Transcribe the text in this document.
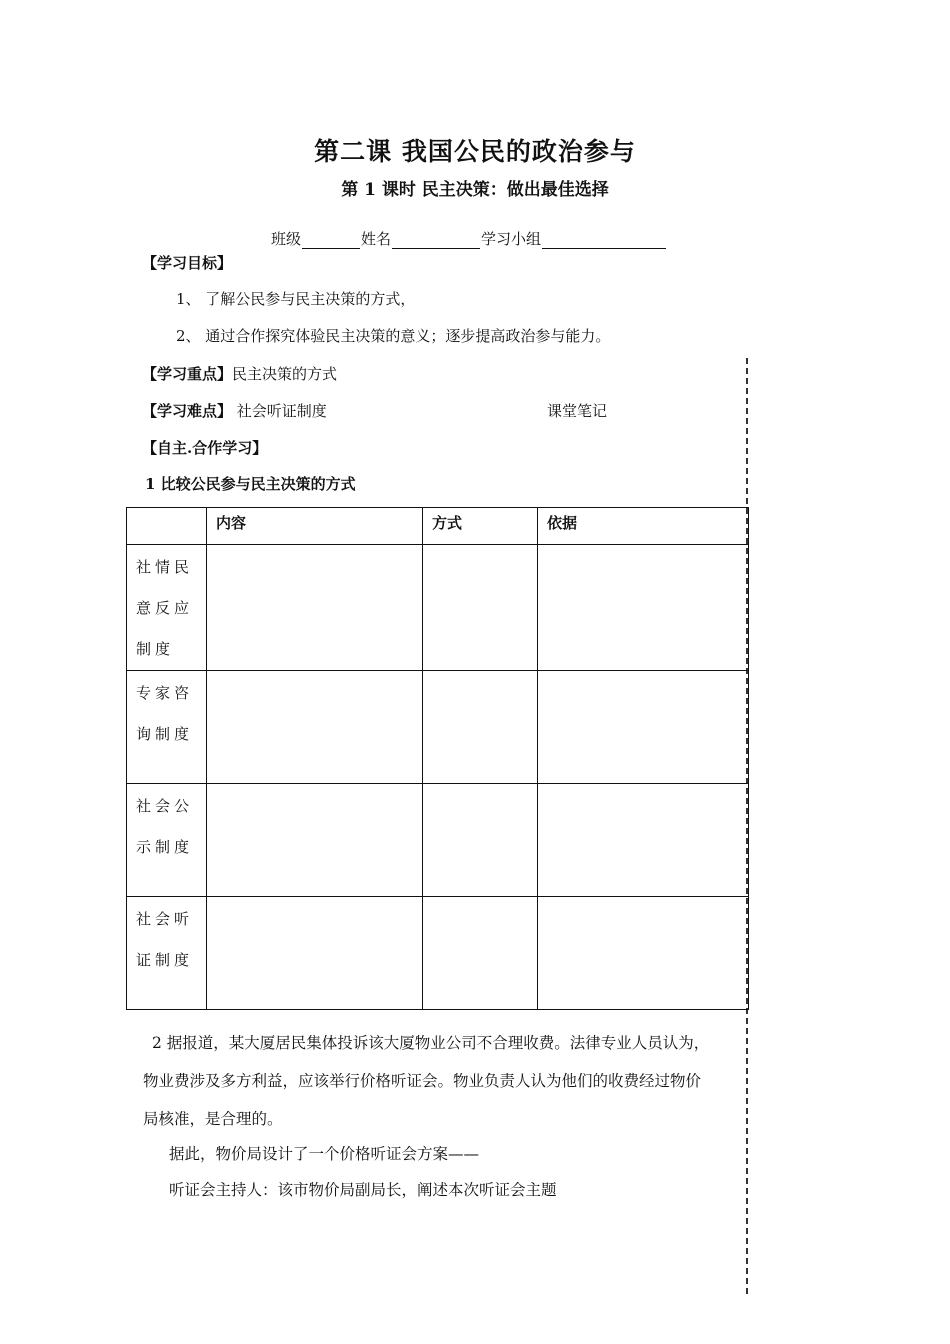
第二课 我国公民的政治参与
第 1 课时 民主决策：做出最佳选择
班级	姓名	学习小组
【学习目标】
1、 了解公民参与民主决策的方式，
2、 通过合作探究体验民主决策的意义；逐步提高政治参与能力。
【学习重点】民主决策的方式
【学习难点】 社会听证制度	课堂笔记
【自主.合作学习】
1 比较公民参与民主决策的方式
	内容	方式	依据
社情民意反应制度			
专家咨询制度			
社会公示制度			
社会听证制度			
2 据报道，某大厦居民集体投诉该大厦物业公司不合理收费。法律专业人员认为，
物业费涉及多方利益，应该举行价格听证会。物业负责人认为他们的收费经过物价
局核准，是合理的。
据此，物价局设计了一个价格听证会方案——
听证会主持人：该市物价局副局长，阐述本次听证会主题
